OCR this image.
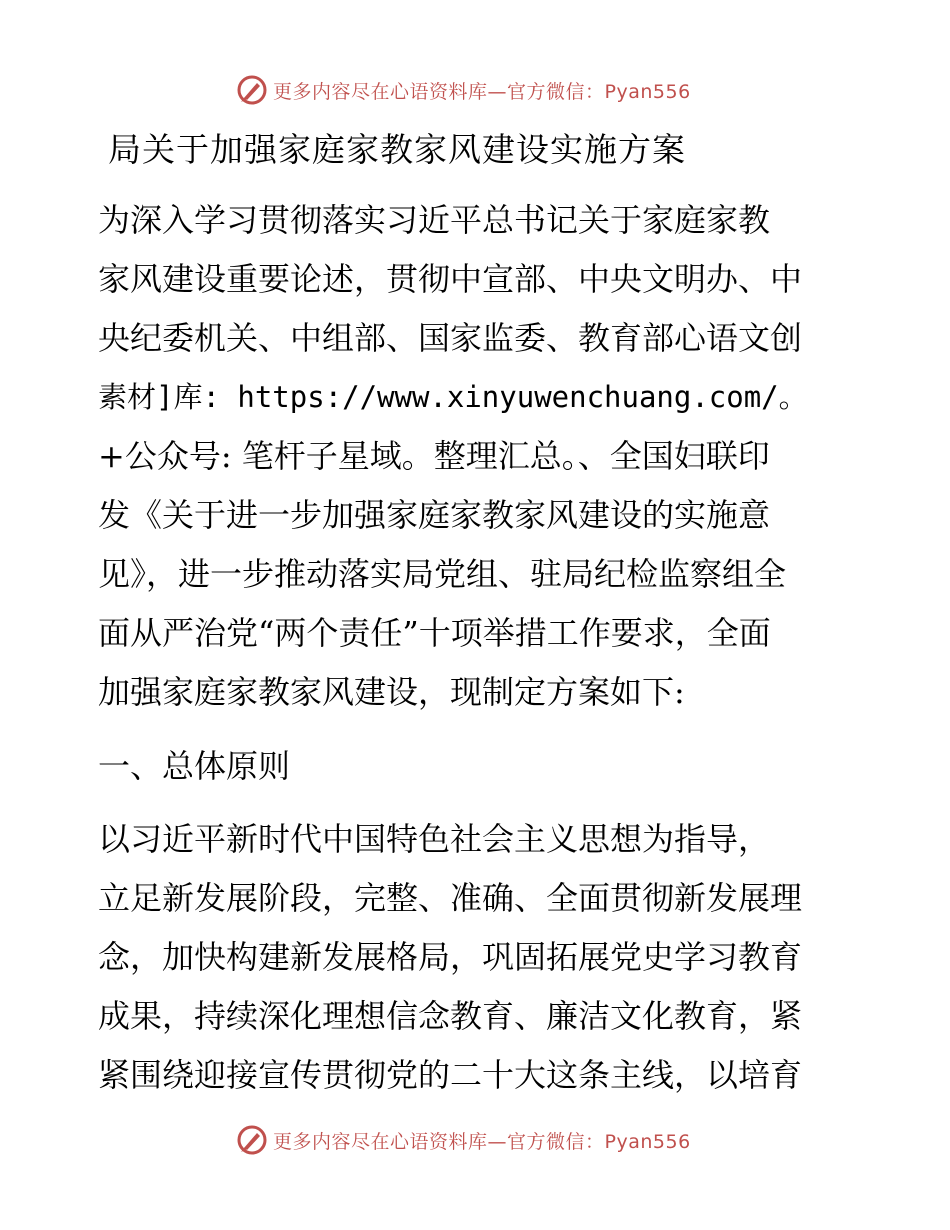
更多内容尽在心语资料库—官方微信：Pyan556
局关于加强家庭家教家风建设实施方案
为深入学习贯彻落实习近平总书记关于家庭家教
家风建设重要论述，贯彻中宣部、中央文明办、中
央纪委机关、中组部、国家监委、教育部心语文创
素材]库: https://www.xinyuwenchuang.com/。
+公众号: 笔杆子星域。整理汇总。、全国妇联印
发《关于进一步加强家庭家教家风建设的实施意
见》，进一步推动落实局党组、驻局纪检监察组全
面从严治党“两个责任”十项举措工作要求，全面
加强家庭家教家风建设，现制定方案如下:
一、总体原则
以习近平新时代中国特色社会主义思想为指导，
立足新发展阶段，完整、准确、全面贯彻新发展理
念，加快构建新发展格局，巩固拓展党史学习教育
成果，持续深化理想信念教育、廉洁文化教育，紧
紧围绕迎接宣传贯彻党的二十大这条主线，以培育
更多内容尽在心语资料库—官方微信：Pyan556
